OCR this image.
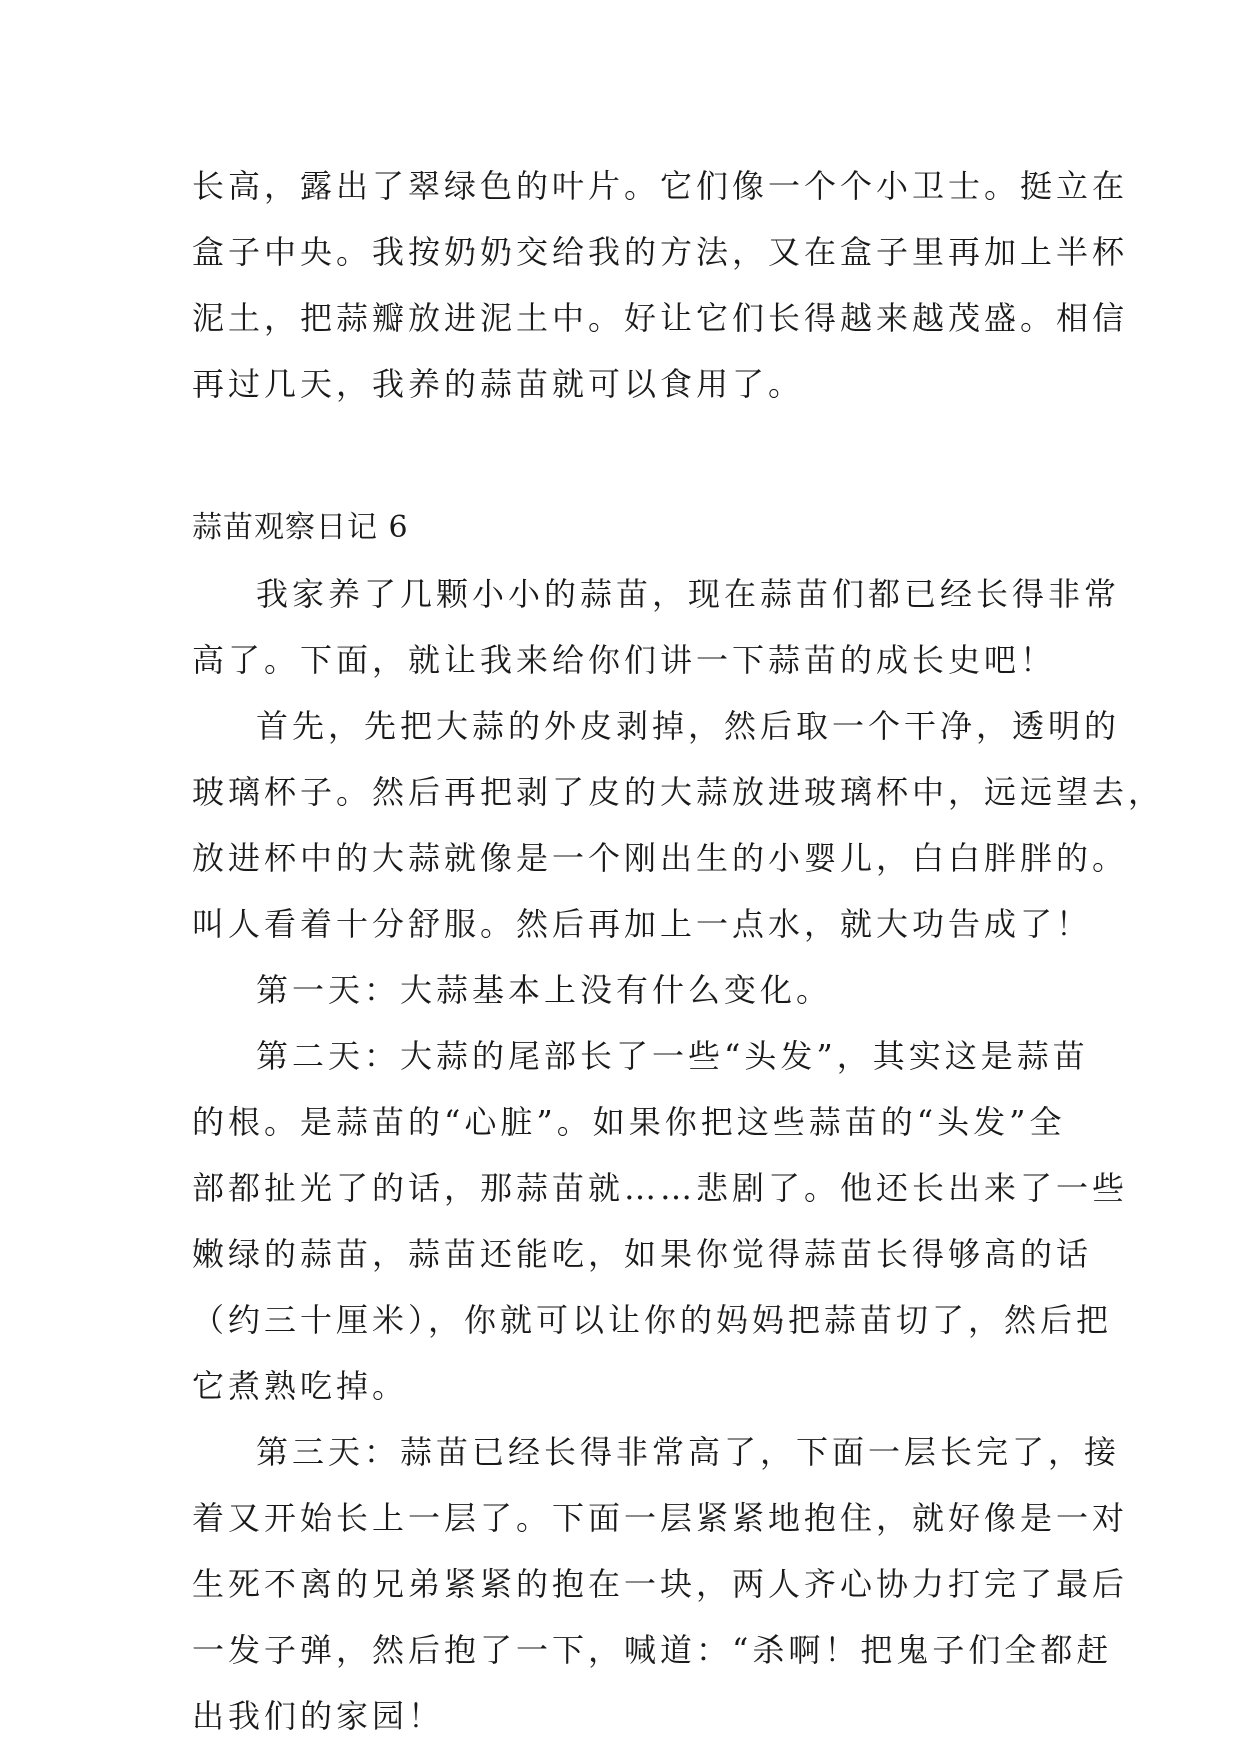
长高，露出了翠绿色的叶片。它们像一个个小卫士。挺立在
盒子中央。我按奶奶交给我的方法，又在盒子里再加上半杯
泥土，把蒜瓣放进泥土中。好让它们长得越来越茂盛。相信
再过几天，我养的蒜苗就可以食用了。
蒜苗观察日记 6
我家养了几颗小小的蒜苗，现在蒜苗们都已经长得非常
高了。下面，就让我来给你们讲一下蒜苗的成长史吧！
首先，先把大蒜的外皮剥掉，然后取一个干净，透明的
玻璃杯子。然后再把剥了皮的大蒜放进玻璃杯中，远远望去，
放进杯中的大蒜就像是一个刚出生的小婴儿，白白胖胖的。
叫人看着十分舒服。然后再加上一点水，就大功告成了！
第一天：大蒜基本上没有什么变化。
第二天：大蒜的尾部长了一些“头发”，其实这是蒜苗
的根。是蒜苗的“心脏”。如果你把这些蒜苗的“头发”全
部都扯光了的话，那蒜苗就……悲剧了。他还长出来了一些
嫩绿的蒜苗，蒜苗还能吃，如果你觉得蒜苗长得够高的话
（约三十厘米），你就可以让你的妈妈把蒜苗切了，然后把
它煮熟吃掉。
第三天：蒜苗已经长得非常高了，下面一层长完了，接
着又开始长上一层了。下面一层紧紧地抱住，就好像是一对
生死不离的兄弟紧紧的抱在一块，两人齐心协力打完了最后
一发子弹，然后抱了一下，喊道：“杀啊！把鬼子们全都赶
出我们的家园！
